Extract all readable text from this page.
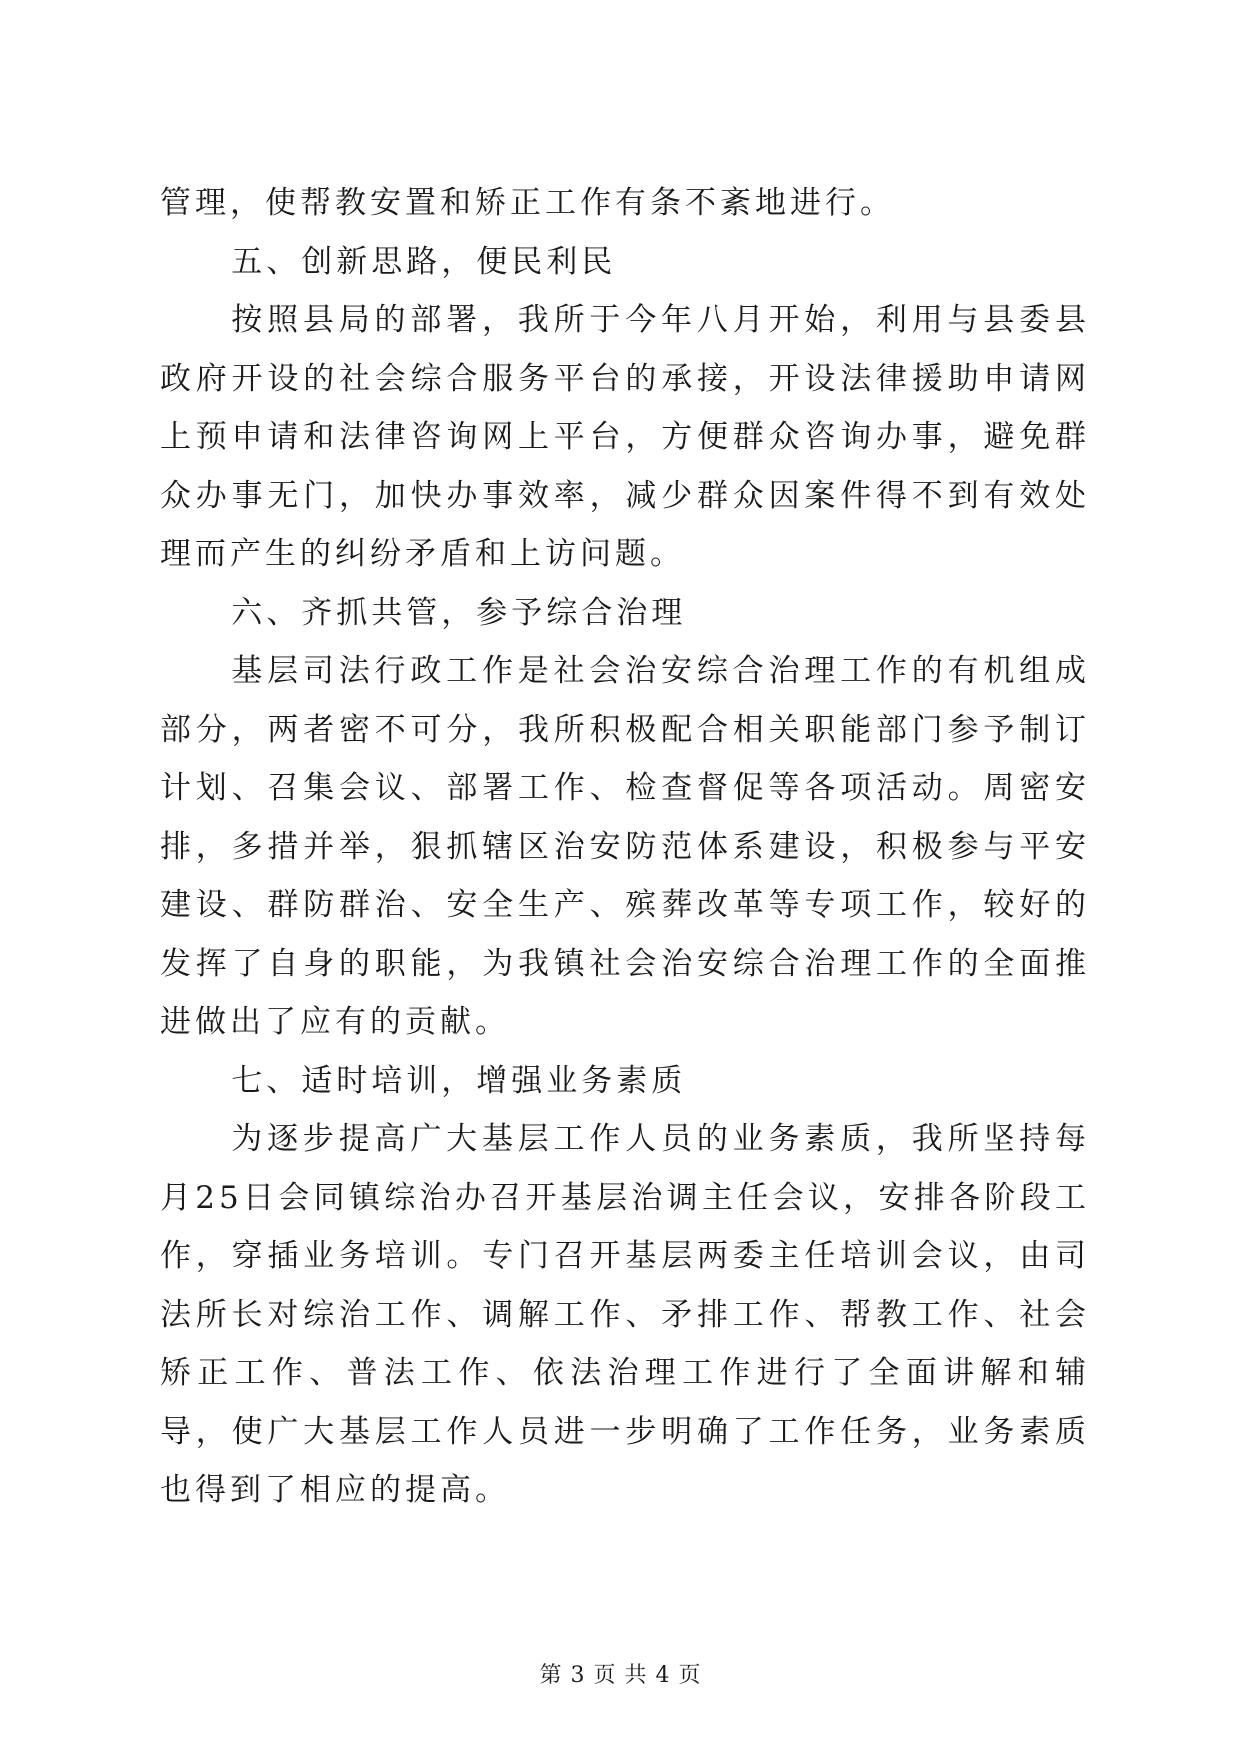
管理，使帮教安置和矫正工作有条不紊地进行。

五、创新思路，便民利民

按照县局的部署，我所于今年八月开始，利用与县委县政府开设的社会综合服务平台的承接，开设法律援助申请网上预申请和法律咨询网上平台，方便群众咨询办事，避免群众办事无门，加快办事效率，减少群众因案件得不到有效处理而产生的纠纷矛盾和上访问题。

六、齐抓共管，参予综合治理

基层司法行政工作是社会治安综合治理工作的有机组成部分，两者密不可分，我所积极配合相关职能部门参予制订计划、召集会议、部署工作、检查督促等各项活动。周密安排，多措并举，狠抓辖区治安防范体系建设，积极参与平安建设、群防群治、安全生产、殡葬改革等专项工作，较好的发挥了自身的职能，为我镇社会治安综合治理工作的全面推进做出了应有的贡献。

七、适时培训，增强业务素质

为逐步提高广大基层工作人员的业务素质，我所坚持每月25日会同镇综治办召开基层治调主任会议，安排各阶段工作，穿插业务培训。专门召开基层两委主任培训会议，由司法所长对综治工作、调解工作、矛排工作、帮教工作、社会矫正工作、普法工作、依法治理工作进行了全面讲解和辅导，使广大基层工作人员进一步明确了工作任务，业务素质也得到了相应的提高。

第 3 页 共 4 页
